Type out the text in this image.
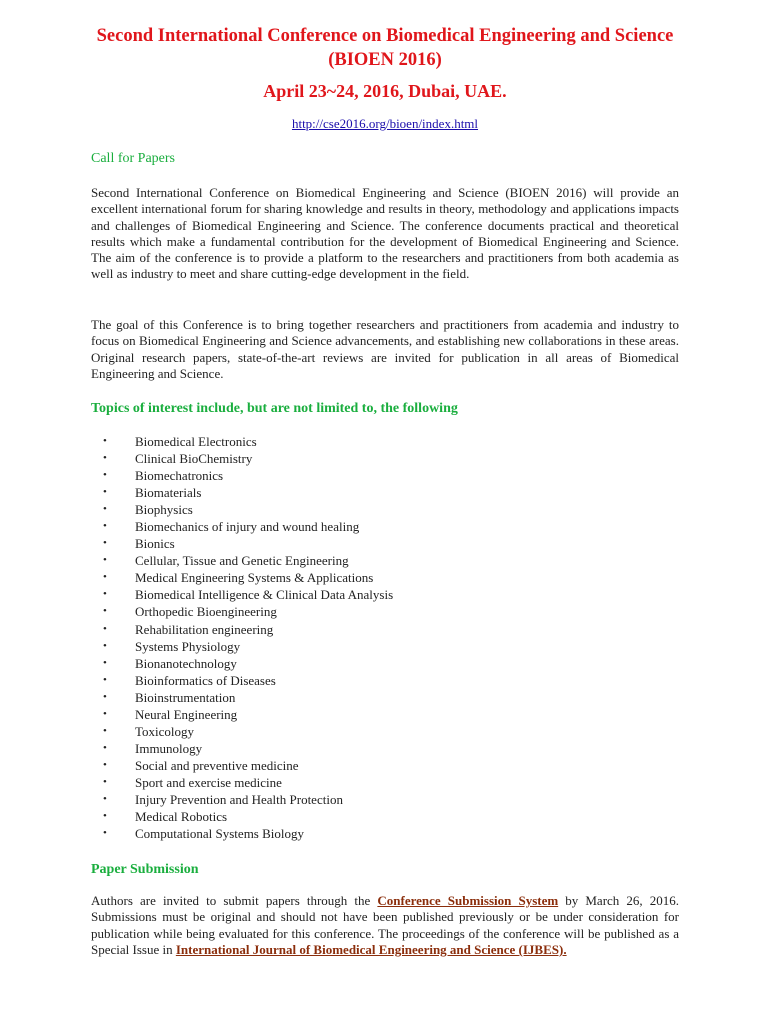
Second International Conference on Biomedical Engineering and Science (BIOEN 2016)

April 23~24, 2016, Dubai, UAE.

http://cse2016.org/bioen/index.html

Call for Papers

Second International Conference on Biomedical Engineering and Science (BIOEN 2016) will provide an excellent international forum for sharing knowledge and results in theory, methodology and applications impacts and challenges of Biomedical Engineering and Science. The conference documents practical and theoretical results which make a fundamental contribution for the development of Biomedical Engineering and Science. The aim of the conference is to provide a platform to the researchers and practitioners from both academia as well as industry to meet and share cutting-edge development in the field.

The goal of this Conference is to bring together researchers and practitioners from academia and industry to focus on Biomedical Engineering and Science advancements, and establishing new collaborations in these areas. Original research papers, state-of-the-art reviews are invited for publication in all areas of Biomedical Engineering and Science.

Topics of interest include, but are not limited to, the following

• Biomedical Electronics
• Clinical BioChemistry
• Biomechatronics
• Biomaterials
• Biophysics
• Biomechanics of injury and wound healing
• Bionics
• Cellular, Tissue and Genetic Engineering
• Medical Engineering Systems & Applications
• Biomedical Intelligence & Clinical Data Analysis
• Orthopedic Bioengineering
• Rehabilitation engineering
• Systems Physiology
• Bionanotechnology
• Bioinformatics of Diseases
• Bioinstrumentation
• Neural Engineering
• Toxicology
• Immunology
• Social and preventive medicine
• Sport and exercise medicine
• Injury Prevention and Health Protection
• Medical Robotics
• Computational Systems Biology

Paper Submission

Authors are invited to submit papers through the Conference Submission System by March 26, 2016. Submissions must be original and should not have been published previously or be under consideration for publication while being evaluated for this conference. The proceedings of the conference will be published as a Special Issue in International Journal of Biomedical Engineering and Science (IJBES).
